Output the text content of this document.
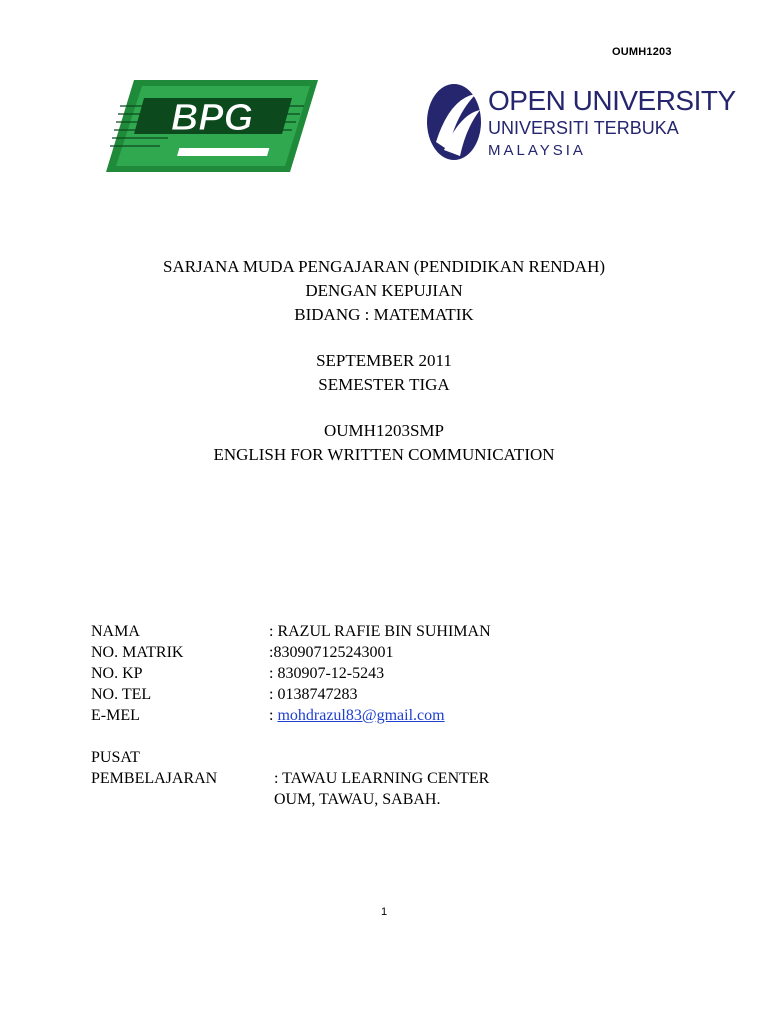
OUMH1203
BPG	OPEN UNIVERSITY
UNIVERSITI TERBUKA
MALAYSIA
SARJANA MUDA PENGAJARAN (PENDIDIKAN RENDAH)
DENGAN KEPUJIAN
BIDANG : MATEMATIK
SEPTEMBER 2011
SEMESTER TIGA
OUMH1203SMP
ENGLISH FOR WRITTEN COMMUNICATION
NAMA	: RAZUL RAFIE BIN SUHIMAN
NO. MATRIK	:830907125243001
NO. KP	: 830907-12-5243
NO. TEL	: 0138747283
E-MEL	: mohdrazul83@gmail.com
PUSAT
PEMBELAJARAN	: TAWAU LEARNING CENTER
OUM, TAWAU, SABAH.
1
